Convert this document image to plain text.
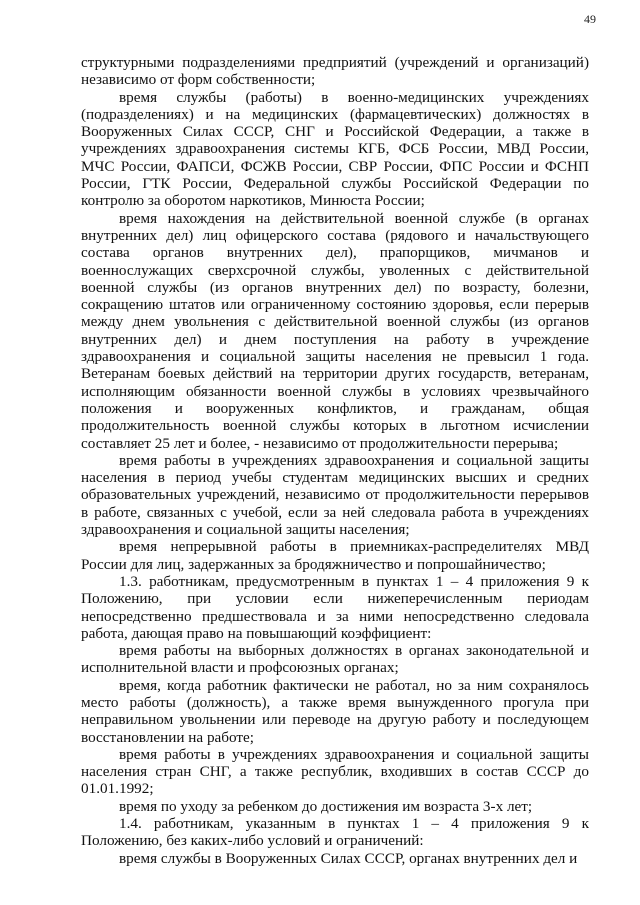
49

структурными подразделениями предприятий (учреждений и организаций) независимо от форм собственности;

время службы (работы) в военно-медицинских учреждениях (подразделениях) и на медицинских (фармацевтических) должностях в Вооруженных Силах СССР, СНГ и Российской Федерации, а также в учреждениях здравоохранения системы КГБ, ФСБ России, МВД России, МЧС России, ФАПСИ, ФСЖВ России, СВР России, ФПС России и ФСНП России, ГТК России, Федеральной службы Российской Федерации по контролю за оборотом наркотиков, Минюста России;

время нахождения на действительной военной службе (в органах внутренних дел) лиц офицерского состава (рядового и начальствующего состава органов внутренних дел), прапорщиков, мичманов и военнослужащих сверхсрочной службы, уволенных с действительной военной службы (из органов внутренних дел) по возрасту, болезни, сокращению штатов или ограниченному состоянию здоровья, если перерыв между днем увольнения с действительной военной службы (из органов внутренних дел) и днем поступления на работу в учреждение здравоохранения и социальной защиты населения не превысил 1 года. Ветеранам боевых действий на территории других государств, ветеранам, исполняющим обязанности военной службы в условиях чрезвычайного положения и вооруженных конфликтов, и гражданам, общая продолжительность военной службы которых в льготном исчислении составляет 25 лет и более, - независимо от продолжительности перерыва;

время работы в учреждениях здравоохранения и социальной защиты населения в период учебы студентам медицинских высших и средних образовательных учреждений, независимо от продолжительности перерывов в работе, связанных с учебой, если за ней следовала работа в учреждениях здравоохранения и социальной защиты населения;

время непрерывной работы в приемниках-распределителях МВД России для лиц, задержанных за бродяжничество и попрошайничество;

1.3. работникам, предусмотренным в пунктах 1 – 4 приложения 9 к Положению, при условии если нижеперечисленным периодам непосредственно предшествовала и за ними непосредственно следовала работа, дающая право на повышающий коэффициент:

время работы на выборных должностях в органах законодательной и исполнительной власти и профсоюзных органах;

время, когда работник фактически не работал, но за ним сохранялось место работы (должность), а также время вынужденного прогула при неправильном увольнении или переводе на другую работу и последующем восстановлении на работе;

время работы в учреждениях здравоохранения и социальной защиты населения стран СНГ, а также республик, входивших в состав СССР до 01.01.1992;

время по уходу за ребенком до достижения им возраста 3-х лет;

1.4. работникам, указанным в пунктах 1 – 4 приложения 9 к Положению, без каких-либо условий и ограничений:

время службы в Вооруженных Силах СССР, органах внутренних дел и
